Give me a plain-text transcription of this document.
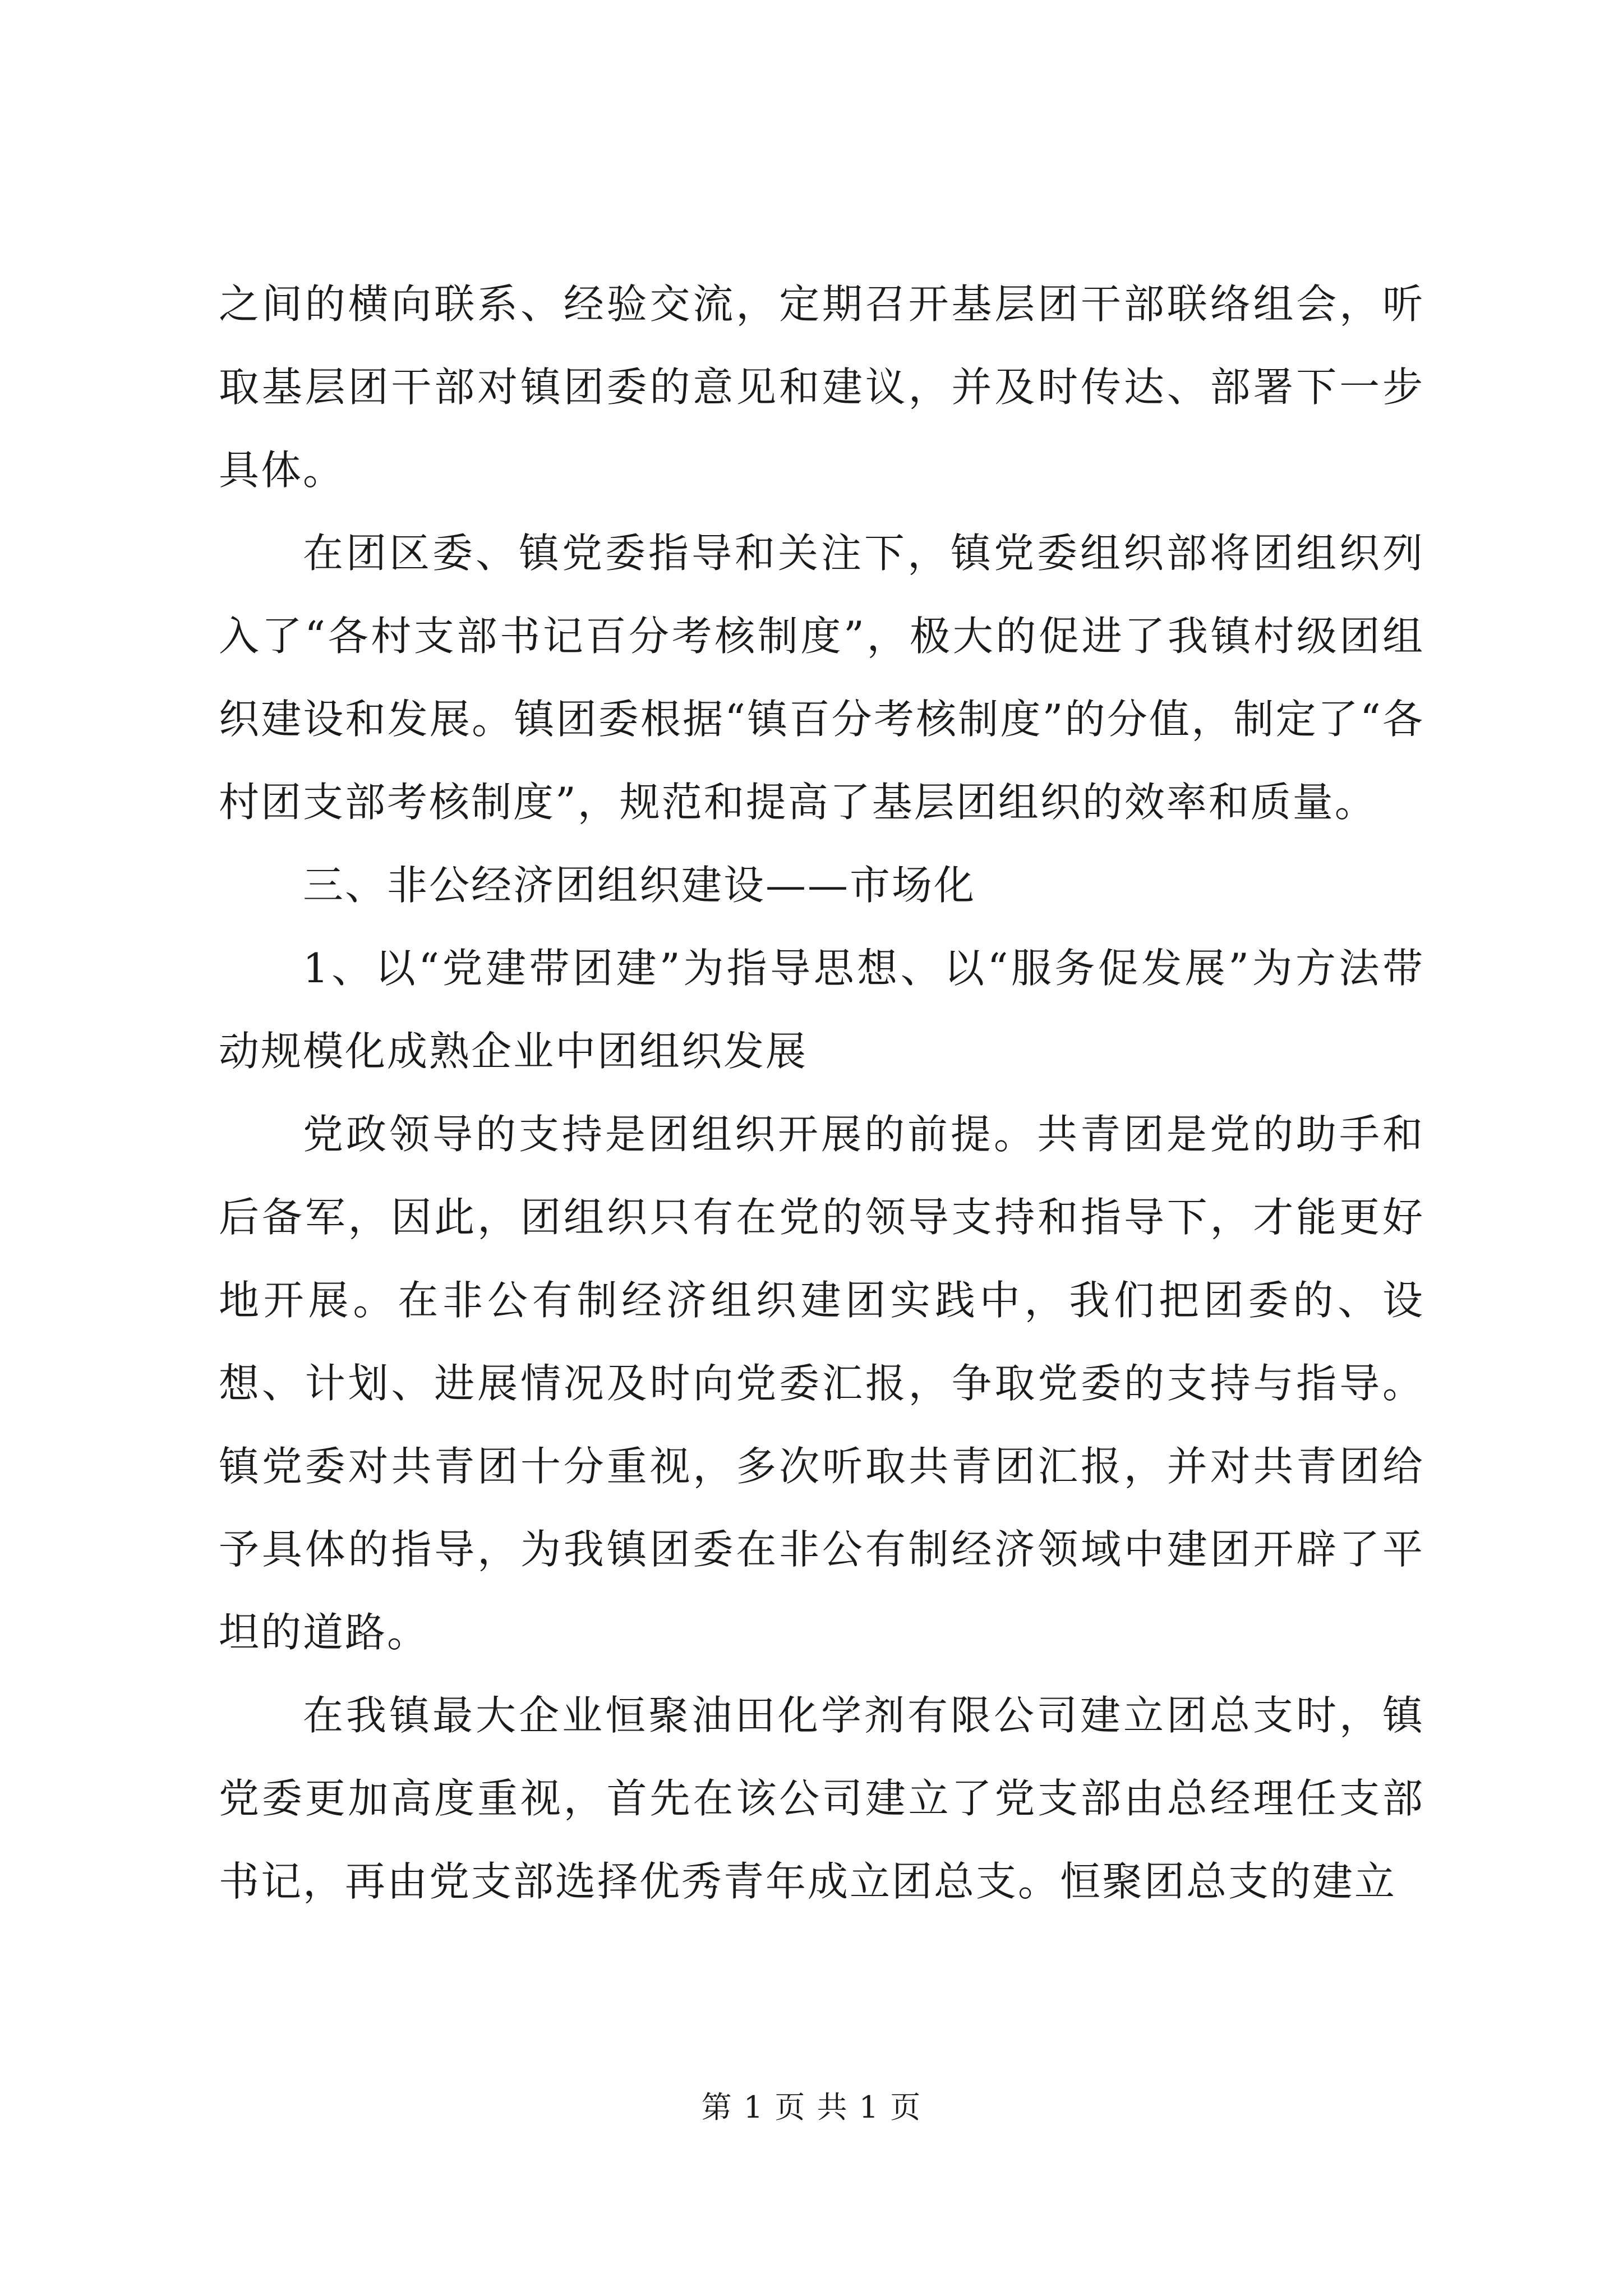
之间的横向联系、经验交流，定期召开基层团干部联络组会，听取基层团干部对镇团委的意见和建议，并及时传达、部署下一步具体。

在团区委、镇党委指导和关注下，镇党委组织部将团组织列入了“各村支部书记百分考核制度”，极大的促进了我镇村级团组织建设和发展。镇团委根据“镇百分考核制度”的分值，制定了“各村团支部考核制度”，规范和提高了基层团组织的效率和质量。

三、非公经济团组织建设——市场化

1、以“党建带团建”为指导思想、以“服务促发展”为方法带动规模化成熟企业中团组织发展

党政领导的支持是团组织开展的前提。共青团是党的助手和后备军，因此，团组织只有在党的领导支持和指导下，才能更好地开展。在非公有制经济组织建团实践中，我们把团委的、设想、计划、进展情况及时向党委汇报，争取党委的支持与指导。镇党委对共青团十分重视，多次听取共青团汇报，并对共青团给予具体的指导，为我镇团委在非公有制经济领域中建团开辟了平坦的道路。

在我镇最大企业恒聚油田化学剂有限公司建立团总支时，镇党委更加高度重视，首先在该公司建立了党支部由总经理任支部书记，再由党支部选择优秀青年成立团总支。恒聚团总支的建立

第 1 页 共 1 页
